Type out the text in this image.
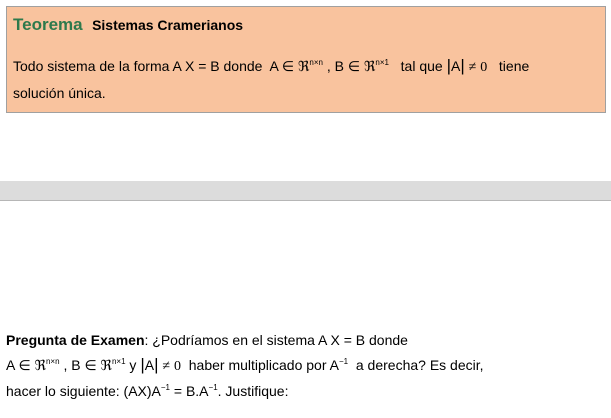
Teorema Sistemas Cramerianos
Todo sistema de la forma A X = B donde A ∈ ℜ$^{n\times n}$ , B ∈ ℜ$^{n\times 1}$ tal que |A| ≠ 0 tiene
solución única.
Pregunta de Examen: ¿Podríamos en el sistema A X = B donde
A ∈ ℜ$^{n\times n}$ , B ∈ ℜ$^{n\times 1}$ y |A| ≠ 0 haber multiplicado por $A^{-1}$ a derecha? Es decir,
hacer lo siguiente: $(AX)A^{-1} = B.A^{-1}$. Justifique:
